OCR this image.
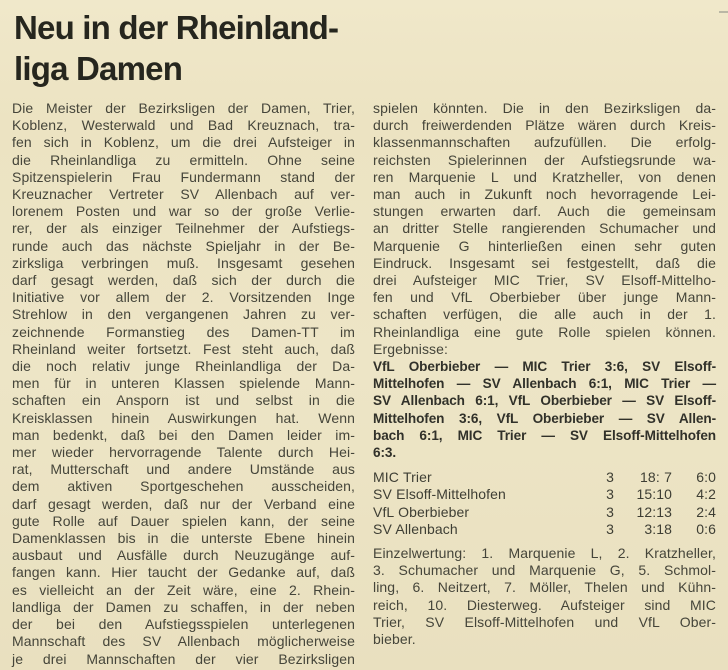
Neu in der Rheinland-
liga Damen
Die Meister der Bezirksligen der Damen, Trier,
Koblenz, Westerwald und Bad Kreuznach, tra-
fen sich in Koblenz, um die drei Aufsteiger in
die Rheinlandliga zu ermitteln. Ohne seine
Spitzenspielerin Frau Fundermann stand der
Kreuznacher Vertreter SV Allenbach auf ver-
lorenem Posten und war so der große Verlie-
rer, der als einziger Teilnehmer der Aufstiegs-
runde auch das nächste Spieljahr in der Be-
zirksliga verbringen muß. Insgesamt gesehen
darf gesagt werden, daß sich der durch die
Initiative vor allem der 2. Vorsitzenden Inge
Strehlow in den vergangenen Jahren zu ver-
zeichnende Formanstieg des Damen-TT im
Rheinland weiter fortsetzt. Fest steht auch, daß
die noch relativ junge Rheinlandliga der Da-
men für in unteren Klassen spielende Mann-
schaften ein Ansporn ist und selbst in die
Kreisklassen hinein Auswirkungen hat. Wenn
man bedenkt, daß bei den Damen leider im-
mer wieder hervorragende Talente durch Hei-
rat, Mutterschaft und andere Umstände aus
dem aktiven Sportgeschehen ausscheiden,
darf gesagt werden, daß nur der Verband eine
gute Rolle auf Dauer spielen kann, der seine
Damenklassen bis in die unterste Ebene hinein
ausbaut und Ausfälle durch Neuzugänge auf-
fangen kann. Hier taucht der Gedanke auf, daß
es vielleicht an der Zeit wäre, eine 2. Rhein-
landliga der Damen zu schaffen, in der neben
der bei den Aufstiegsspielen unterlegenen
Mannschaft des SV Allenbach möglicherweise
je drei Mannschaften der vier Bezirksligen
spielen könnten. Die in den Bezirksligen da-
durch freiwerdenden Plätze wären durch Kreis-
klassenmannschaften aufzufüllen. Die erfolg-
reichsten Spielerinnen der Aufstiegsrunde wa-
ren Marquenie L und Kratzheller, von denen
man auch in Zukunft noch hevorragende Lei-
stungen erwarten darf. Auch die gemeinsam
an dritter Stelle rangierenden Schumacher und
Marquenie G hinterließen einen sehr guten
Eindruck. Insgesamt sei festgestellt, daß die
drei Aufsteiger MIC Trier, SV Elsoff-Mittelho-
fen und VfL Oberbieber über junge Mann-
schaften verfügen, die alle auch in der 1.
Rheinlandliga eine gute Rolle spielen können.
Ergebnisse:
VfL Oberbieber — MIC Trier 3:6, SV Elsoff-
Mittelhofen — SV Allenbach 6:1, MIC Trier —
SV Allenbach 6:1, VfL Oberbieber — SV Elsoff-
Mittelhofen 3:6, VfL Oberbieber — SV Allen-
bach 6:1, MIC Trier — SV Elsoff-Mittelhofen
6:3.
MIC Trier	3	18: 7	6:0
SV Elsoff-Mittelhofen	3	15:10	4:2
VfL Oberbieber	3	12:13	2:4
SV Allenbach	3	3:18	0:6
Einzelwertung: 1. Marquenie L, 2. Kratzheller,
3. Schumacher und Marquenie G, 5. Schmol-
ling, 6. Neitzert, 7. Möller, Thelen und Kühn-
reich, 10. Diesterweg. Aufsteiger sind MIC
Trier, SV Elsoff-Mittelhofen und VfL Ober-
bieber.
